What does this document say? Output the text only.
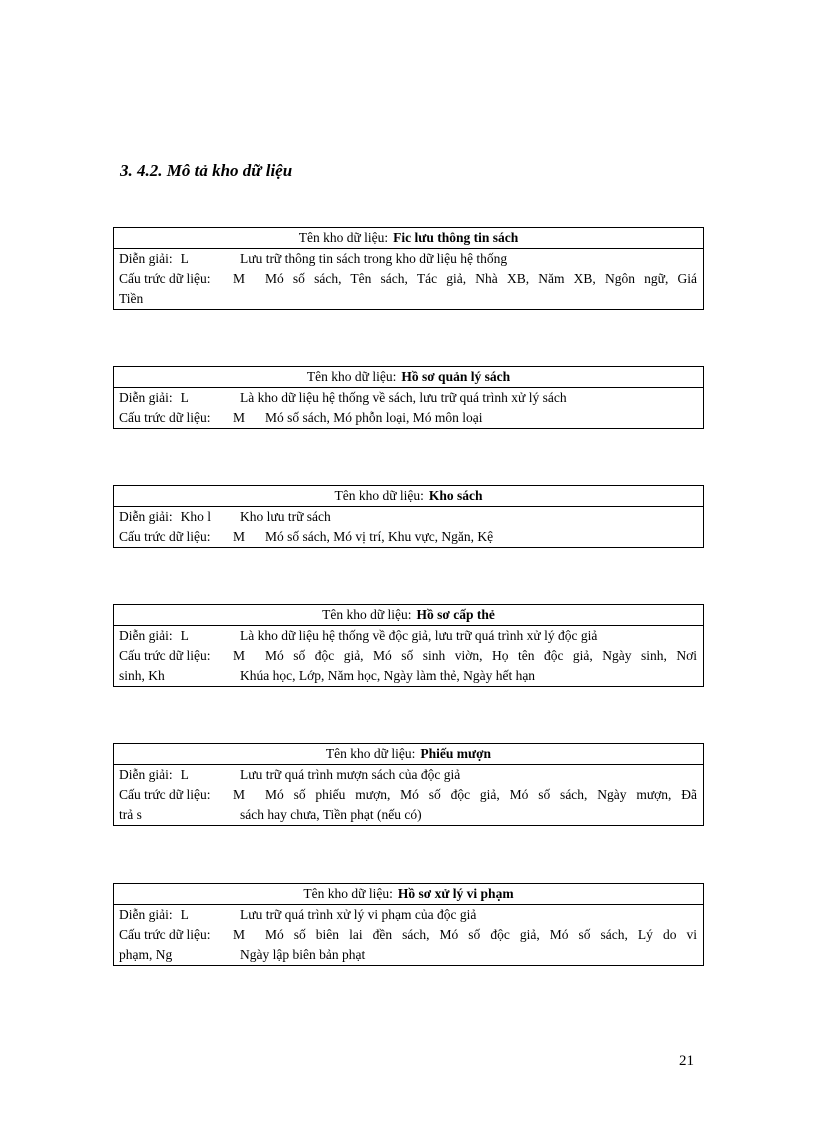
3. 4.2. Mô tả kho dữ liệu
Tên kho dữ liệu: Fic lưu thông tin sách
Diễn giải: L	Lưu trữ thông tin sách trong kho dữ liệu hệ thống
Cấu trức dữ liệu: M Mó số sách, Tên sách, Tác giả, Nhà XB, Năm XB, Ngôn ngữ, Giá
Tiền
Tên kho dữ liệu: Hồ sơ quản lý sách
Diễn giải: L	Là kho dữ liệu hệ thống về sách, lưu trữ quá trình xử lý sách
Cấu trức dữ liệu: M Mó số sách, Mó phỗn loại, Mó môn loại
Tên kho dữ liệu: Kho sách
Diễn giải: Kho l Kho lưu trữ sách
Cấu trức dữ liệu: M Mó số sách, Mó vị trí, Khu vực, Ngăn, Kệ
Tên kho dữ liệu: Hồ sơ cấp thẻ
Diễn giải: L	Là kho dữ liệu hệ thống về độc giả, lưu trữ quá trình xử lý độc giả
Cấu trức dữ liệu: M Mó số độc giả, Mó số sinh viờn, Họ tên độc giả, Ngày sinh, Nơi
sinh, Kh	Khúa học, Lớp, Năm học, Ngày làm thẻ, Ngày hết hạn
Tên kho dữ liệu: Phiếu mượn
Diễn giải: L	Lưu trữ quá trình mượn sách của độc giả
Cấu trức dữ liệu: M Mó số phiếu mượn, Mó số độc giả, Mó số sách, Ngày mượn, Đã
trả s	sách hay chưa, Tiền phạt (nếu có)
Tên kho dữ liệu: Hồ sơ xử lý vi phạm
Diễn giải: L	Lưu trữ quá trình xử lý vi phạm của độc giả
Cấu trức dữ liệu: M Mó số biên lai đền sách, Mó số độc giả, Mó số sách, Lý do vi
phạm, Ng	Ngày lập biên bản phạt
21
